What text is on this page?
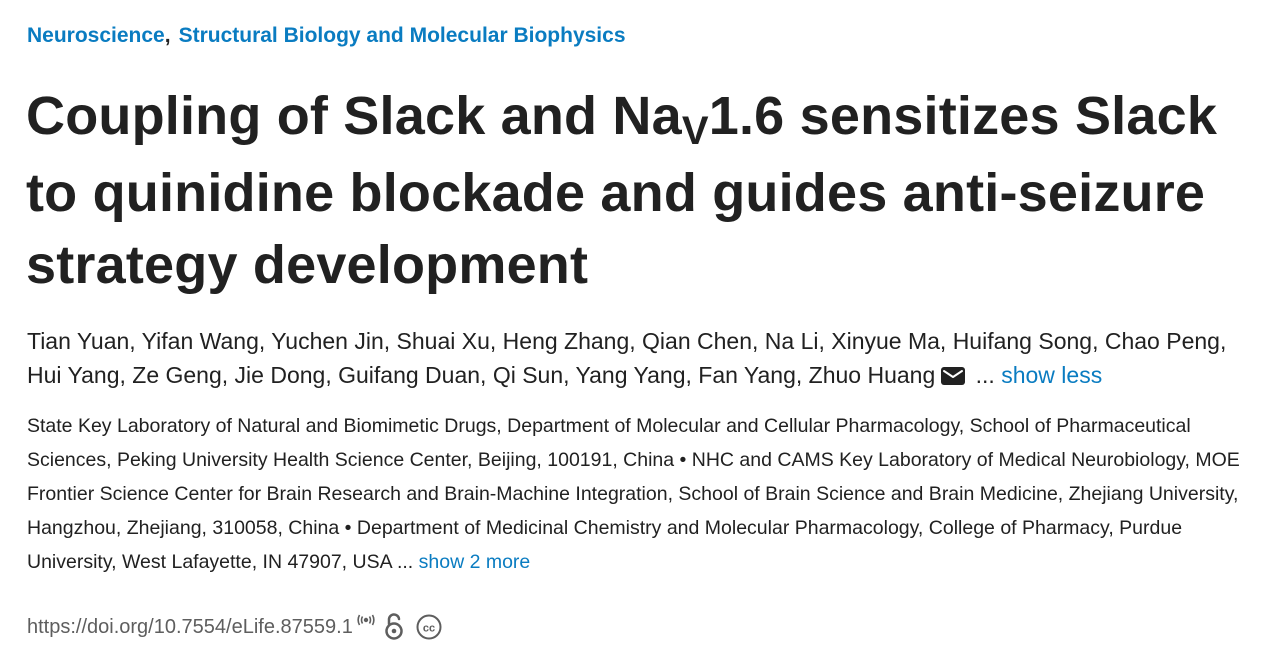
Neuroscience, Structural Biology and Molecular Biophysics
Coupling of Slack and NaV1.6 sensitizes Slack to quinidine blockade and guides anti-seizure strategy development
Tian Yuan, Yifan Wang, Yuchen Jin, Shuai Xu, Heng Zhang, Qian Chen, Na Li, Xinyue Ma, Huifang Song, Chao Peng, Hui Yang, Ze Geng, Jie Dong, Guifang Duan, Qi Sun, Yang Yang, Fan Yang, Zhuo Huang ... show less
State Key Laboratory of Natural and Biomimetic Drugs, Department of Molecular and Cellular Pharmacology, School of Pharmaceutical Sciences, Peking University Health Science Center, Beijing, 100191, China • NHC and CAMS Key Laboratory of Medical Neurobiology, MOE Frontier Science Center for Brain Research and Brain-Machine Integration, School of Brain Science and Brain Medicine, Zhejiang University, Hangzhou, Zhejiang, 310058, China • Department of Medicinal Chemistry and Molecular Pharmacology, College of Pharmacy, Purdue University, West Lafayette, IN 47907, USA ... show 2 more
https://doi.org/10.7554/eLife.87559.1	cc
